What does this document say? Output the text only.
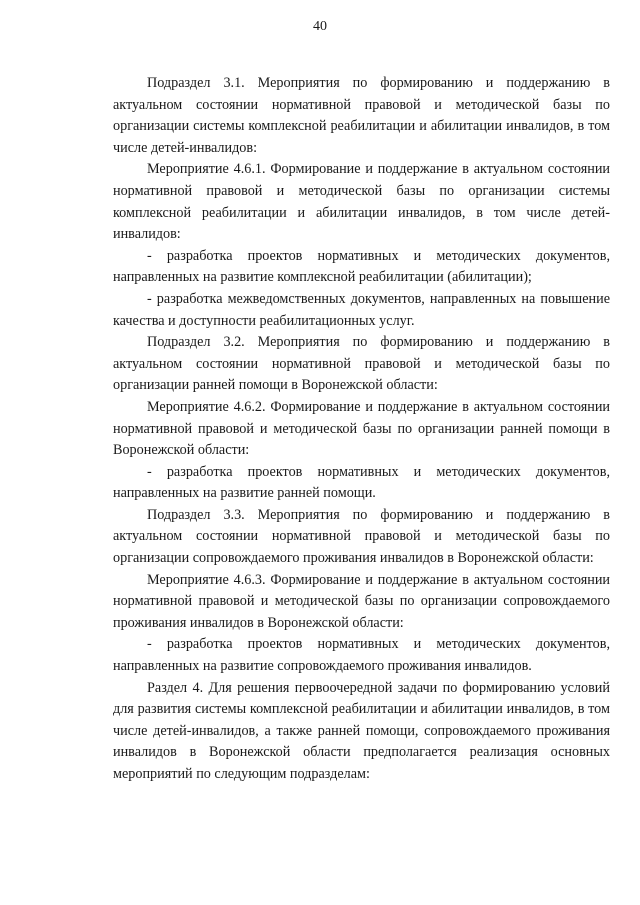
40

Подраздел 3.1. Мероприятия по формированию и поддержанию в актуальном состоянии нормативной правовой и методической базы по организации системы комплексной реабилитации и абилитации инвалидов, в том числе детей-инвалидов:

Мероприятие 4.6.1. Формирование и поддержание в актуальном состоянии нормативной правовой и методической базы по организации системы комплексной реабилитации и абилитации инвалидов, в том числе детей-инвалидов:

- разработка проектов нормативных и методических документов, направленных на развитие комплексной реабилитации (абилитации);

- разработка межведомственных документов, направленных на повышение качества и доступности реабилитационных услуг.

Подраздел 3.2. Мероприятия по формированию и поддержанию в актуальном состоянии нормативной правовой и методической базы по организации ранней помощи в Воронежской области:

Мероприятие 4.6.2. Формирование и поддержание в актуальном состоянии нормативной правовой и методической базы по организации ранней помощи в Воронежской области:

- разработка проектов нормативных и методических документов, направленных на развитие ранней помощи.

Подраздел 3.3. Мероприятия по формированию и поддержанию в актуальном состоянии нормативной правовой и методической базы по организации сопровождаемого проживания инвалидов в Воронежской области:

Мероприятие 4.6.3. Формирование и поддержание в актуальном состоянии нормативной правовой и методической базы по организации сопровождаемого проживания инвалидов в Воронежской области:

- разработка проектов нормативных и методических документов, направленных на развитие сопровождаемого проживания инвалидов.

Раздел 4. Для решения первоочередной задачи по формированию условий для развития системы комплексной реабилитации и абилитации инвалидов, в том числе детей-инвалидов, а также ранней помощи, сопровождаемого проживания инвалидов в Воронежской области предполагается реализация основных мероприятий по следующим подразделам:
